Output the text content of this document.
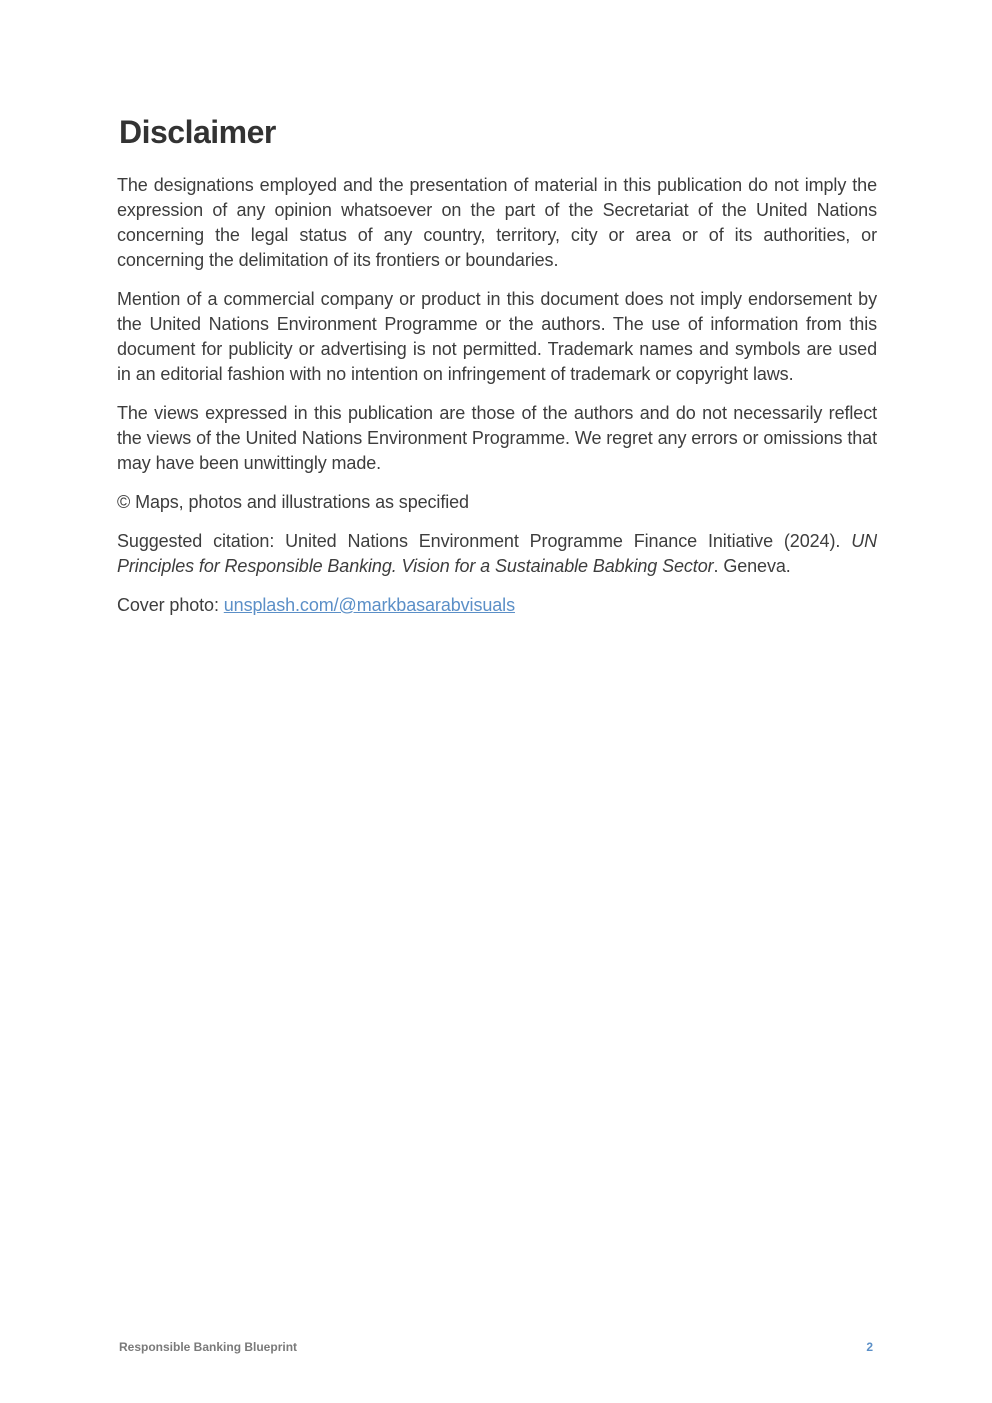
Disclaimer

The designations employed and the presentation of material in this publication do not imply the expression of any opinion whatsoever on the part of the Secretariat of the United Nations concerning the legal status of any country, territory, city or area or of its authorities, or concerning the delimitation of its frontiers or boundaries.

Mention of a commercial company or product in this document does not imply endorsement by the United Nations Environment Programme or the authors. The use of information from this document for publicity or advertising is not permitted. Trademark names and symbols are used in an editorial fashion with no intention on infringement of trademark or copyright laws.

The views expressed in this publication are those of the authors and do not necessarily reflect the views of the United Nations Environment Programme. We regret any errors or omissions that may have been unwittingly made.

© Maps, photos and illustrations as specified

Suggested citation: United Nations Environment Programme Finance Initiative (2024). UN Principles for Responsible Banking. Vision for a Sustainable Babking Sector. Geneva.

Cover photo: unsplash.com/@markbasarabvisuals

Responsible Banking Blueprint	2
